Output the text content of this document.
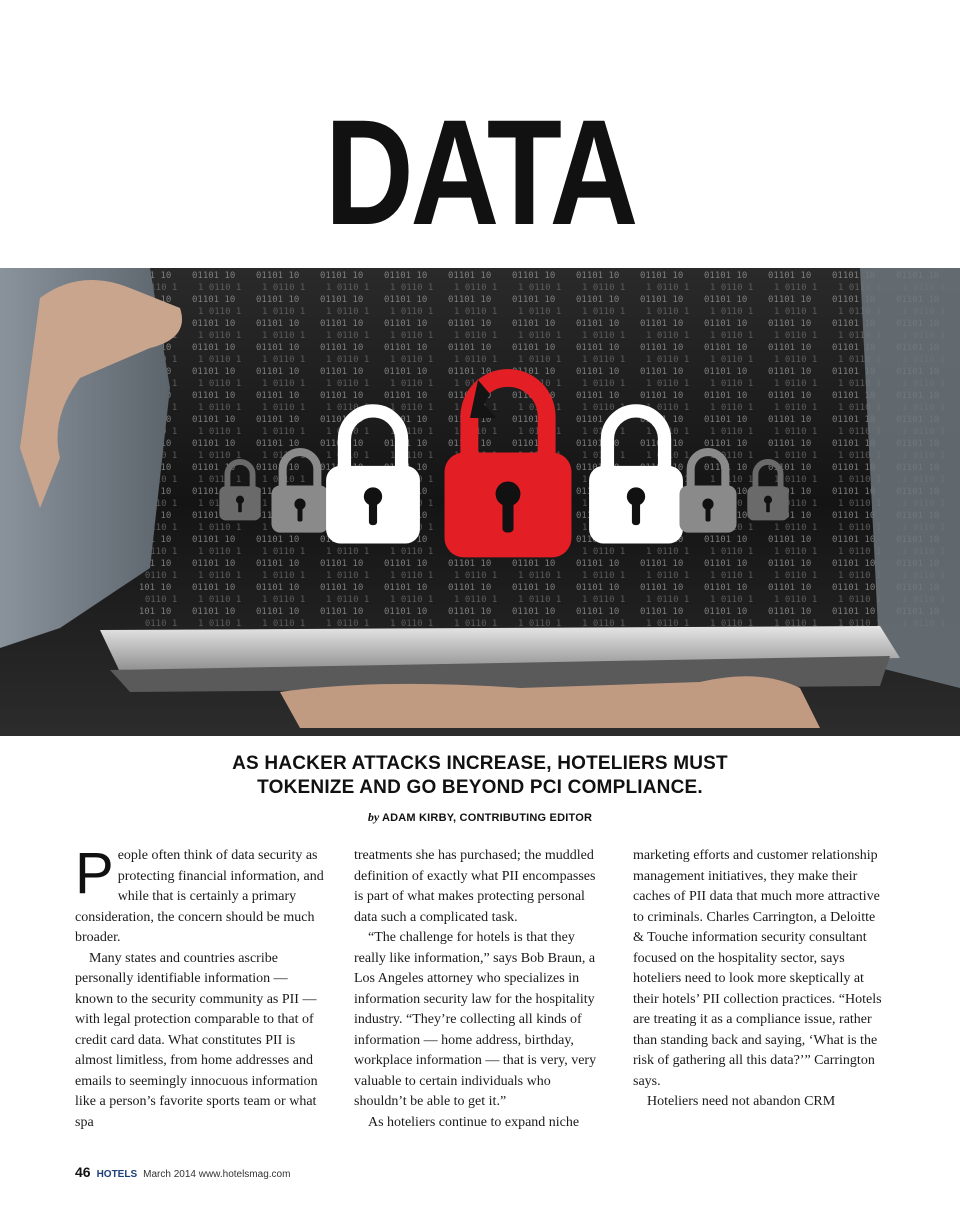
DATA
AS HACKER ATTACKS INCREASE, HOTELIERS MUST
TOKENIZE AND GO BEYOND PCI COMPLIANCE.
by ADAM KIRBY, CONTRIBUTING EDITOR

People often think of data security as protecting financial information, and while that is certainly a primary consideration, the concern should be much broader.

Many states and countries ascribe personally identifiable information — known to the security community as PII — with legal protection comparable to that of credit card data. What constitutes PII is almost limitless, from home addresses and emails to seemingly innocuous information like a person’s favorite sports team or what spa

treatments she has purchased; the muddled definition of exactly what PII encompasses is part of what makes protecting personal data such a complicated task.

“The challenge for hotels is that they really like information,” says Bob Braun, a Los Angeles attorney who specializes in information security law for the hospitality industry. “They’re collecting all kinds of information — home address, birthday, workplace information — that is very, very valuable to certain individuals who shouldn’t be able to get it.”

As hoteliers continue to expand niche

marketing efforts and customer relationship management initiatives, they make their caches of PII data that much more attractive to criminals. Charles Carrington, a Deloitte & Touche information security consultant focused on the hospitality sector, says hoteliers need to look more skeptically at their hotels’ PII collection practices. “Hotels are treating it as a compliance issue, rather than standing back and saying, ‘What is the risk of gathering all this data?’” Carrington says.

Hoteliers need not abandon CRM

46 HOTELS March 2014 www.hotelsmag.com
